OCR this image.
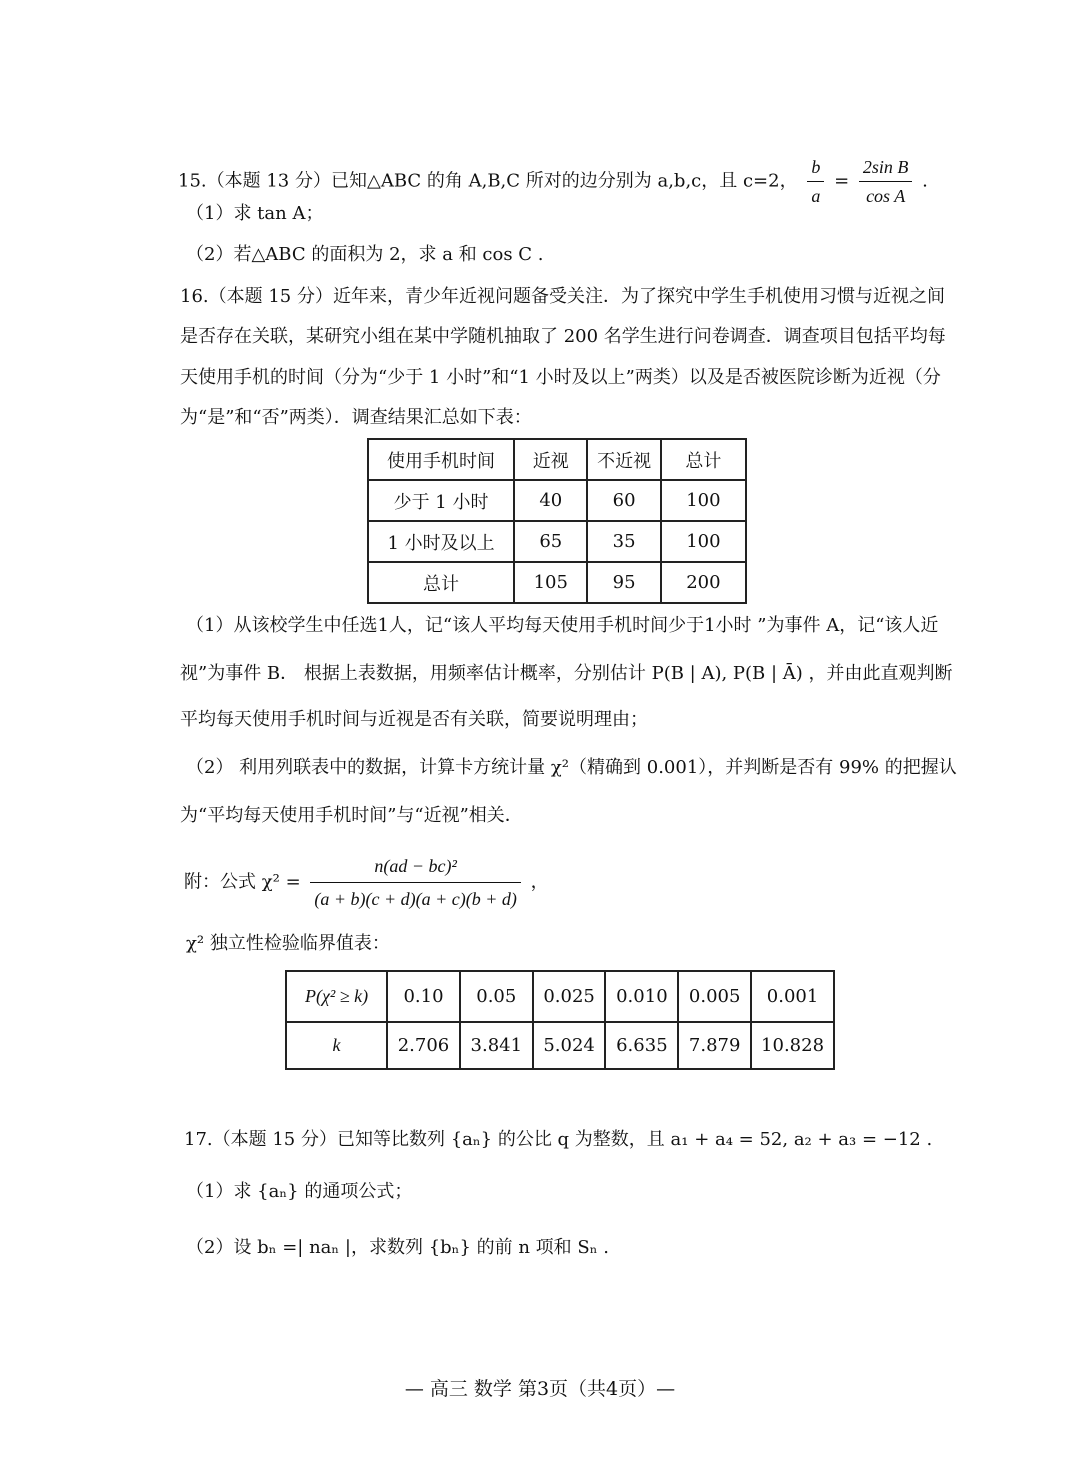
15.（本题 13 分）已知△ABC 的角 A,B,C 所对的边分别为 a,b,c，且 c=2， $\frac{b}{a} = \frac{\text{2sin B}}{\text{cos A}}$ .
（1）求 tan A；
（2）若△ABC 的面积为 2，求 a 和 cos C .
16.（本题 15 分）近年来，青少年近视问题备受关注．为了探究中学生手机使用习惯与近视之间
是否存在关联，某研究小组在某中学随机抽取了 200 名学生进行问卷调查．调查项目包括平均每
天使用手机的时间（分为“少于 1 小时”和“1 小时及以上”两类）以及是否被医院诊断为近视（分
为“是”和“否”两类）．调查结果汇总如下表：
使用手机时间	近视	不近视	总计
少于 1 小时	40	60	100
1 小时及以上	65	35	100
总计	105	95	200
（1）从该校学生中任选1人，记“该人平均每天使用手机时间少于1小时 ”为事件 A，记“该人近
视”为事件 B． 根据上表数据，用频率估计概率，分别估计 P(B | A), P(B | Ā) ，并由此直观判断
平均每天使用手机时间与近视是否有关联，简要说明理由；
（2） 利用列联表中的数据，计算卡方统计量 χ²（精确到 0.001），并判断是否有 99% 的把握认
为“平均每天使用手机时间”与“近视”相关．
附：公式 $\chi^2 = \frac{\text{n(ad − bc)²}}{(a + b)(c + d)(a + c)(b + d)}$ ，
χ² 独立性检验临界值表：
P(χ² ≥ k)	0.10	0.05	0.025	0.010	0.005	0.001
k	2.706	3.841	5.024	6.635	7.879	10.828
17.（本题 15 分）已知等比数列 {aₙ} 的公比 q 为整数，且 a₁ + a₄ = 52, a₂ + a₃ = −12 .
（1）求 {aₙ} 的通项公式；
（2）设 bₙ =| naₙ |，求数列 {bₙ} 的前 n 项和 Sₙ .
— 高三 数学 第3页（共4页）—
